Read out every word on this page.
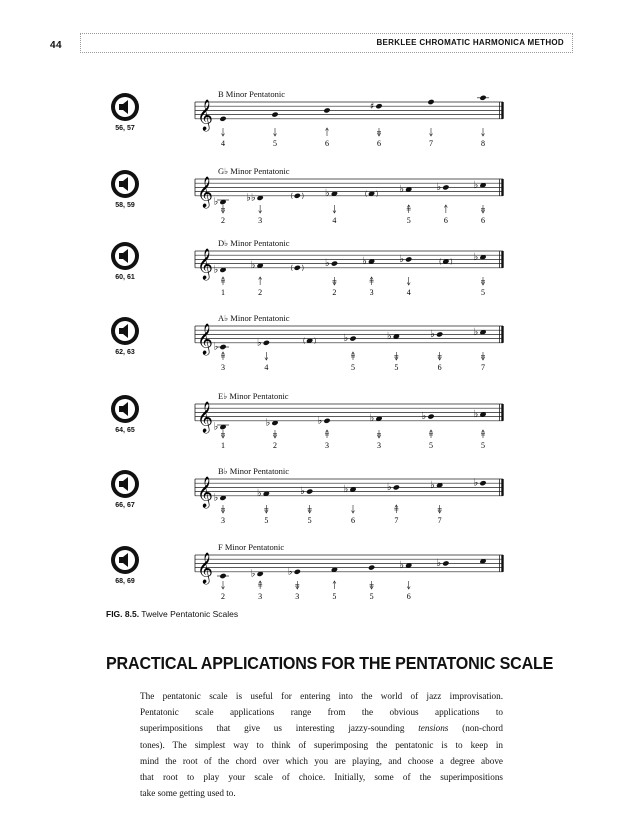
44	BERKLEE CHROMATIC HARMONICA METHOD
56, 57
B Minor Pentatonic
𝄞	♯
4	5	6	6	7	8
58, 59
G♭ Minor Pentatonic
𝄞 ♭	♭♭	♭	♭	♭	♭
2	3	4	5	6	6
60, 61
D♭ Minor Pentatonic
𝄞 ♭	♭	♭	♭	♭	♭
1	2	2	3	4	5
62, 63
A♭ Minor Pentatonic
𝄞 ♭	♭	♭	♭	♭	♭
3	4	5	5	6	7
64, 65
E♭ Minor Pentatonic
𝄞 ♭	♭	♭	♭	♭	♭
1	2	3	3	5	5
66, 67
B♭ Minor Pentatonic
𝄞 ♭	♭	♭	♭	♭	♭	♭
3	5	5	6	7	7
68, 69
F Minor Pentatonic
𝄞	♭	♭
♭	♭
2	3	3	5	5	6
FIG. 8.5. Twelve Pentatonic Scales
PRACTICAL APPLICATIONS FOR THE PENTATONIC SCALE
The pentatonic scale is useful for entering into the world of jazz improvisation.
Pentatonic scale applications range from the obvious applications to
superimpositions that give us interesting jazzy-sounding tensions (non-chord
tones). The simplest way to think of superimposing the pentatonic is to keep in
mind the root of the chord over which you are playing, and choose a degree above
that root to play your scale of choice. Initially, some of the superimpositions
take some getting used to.
